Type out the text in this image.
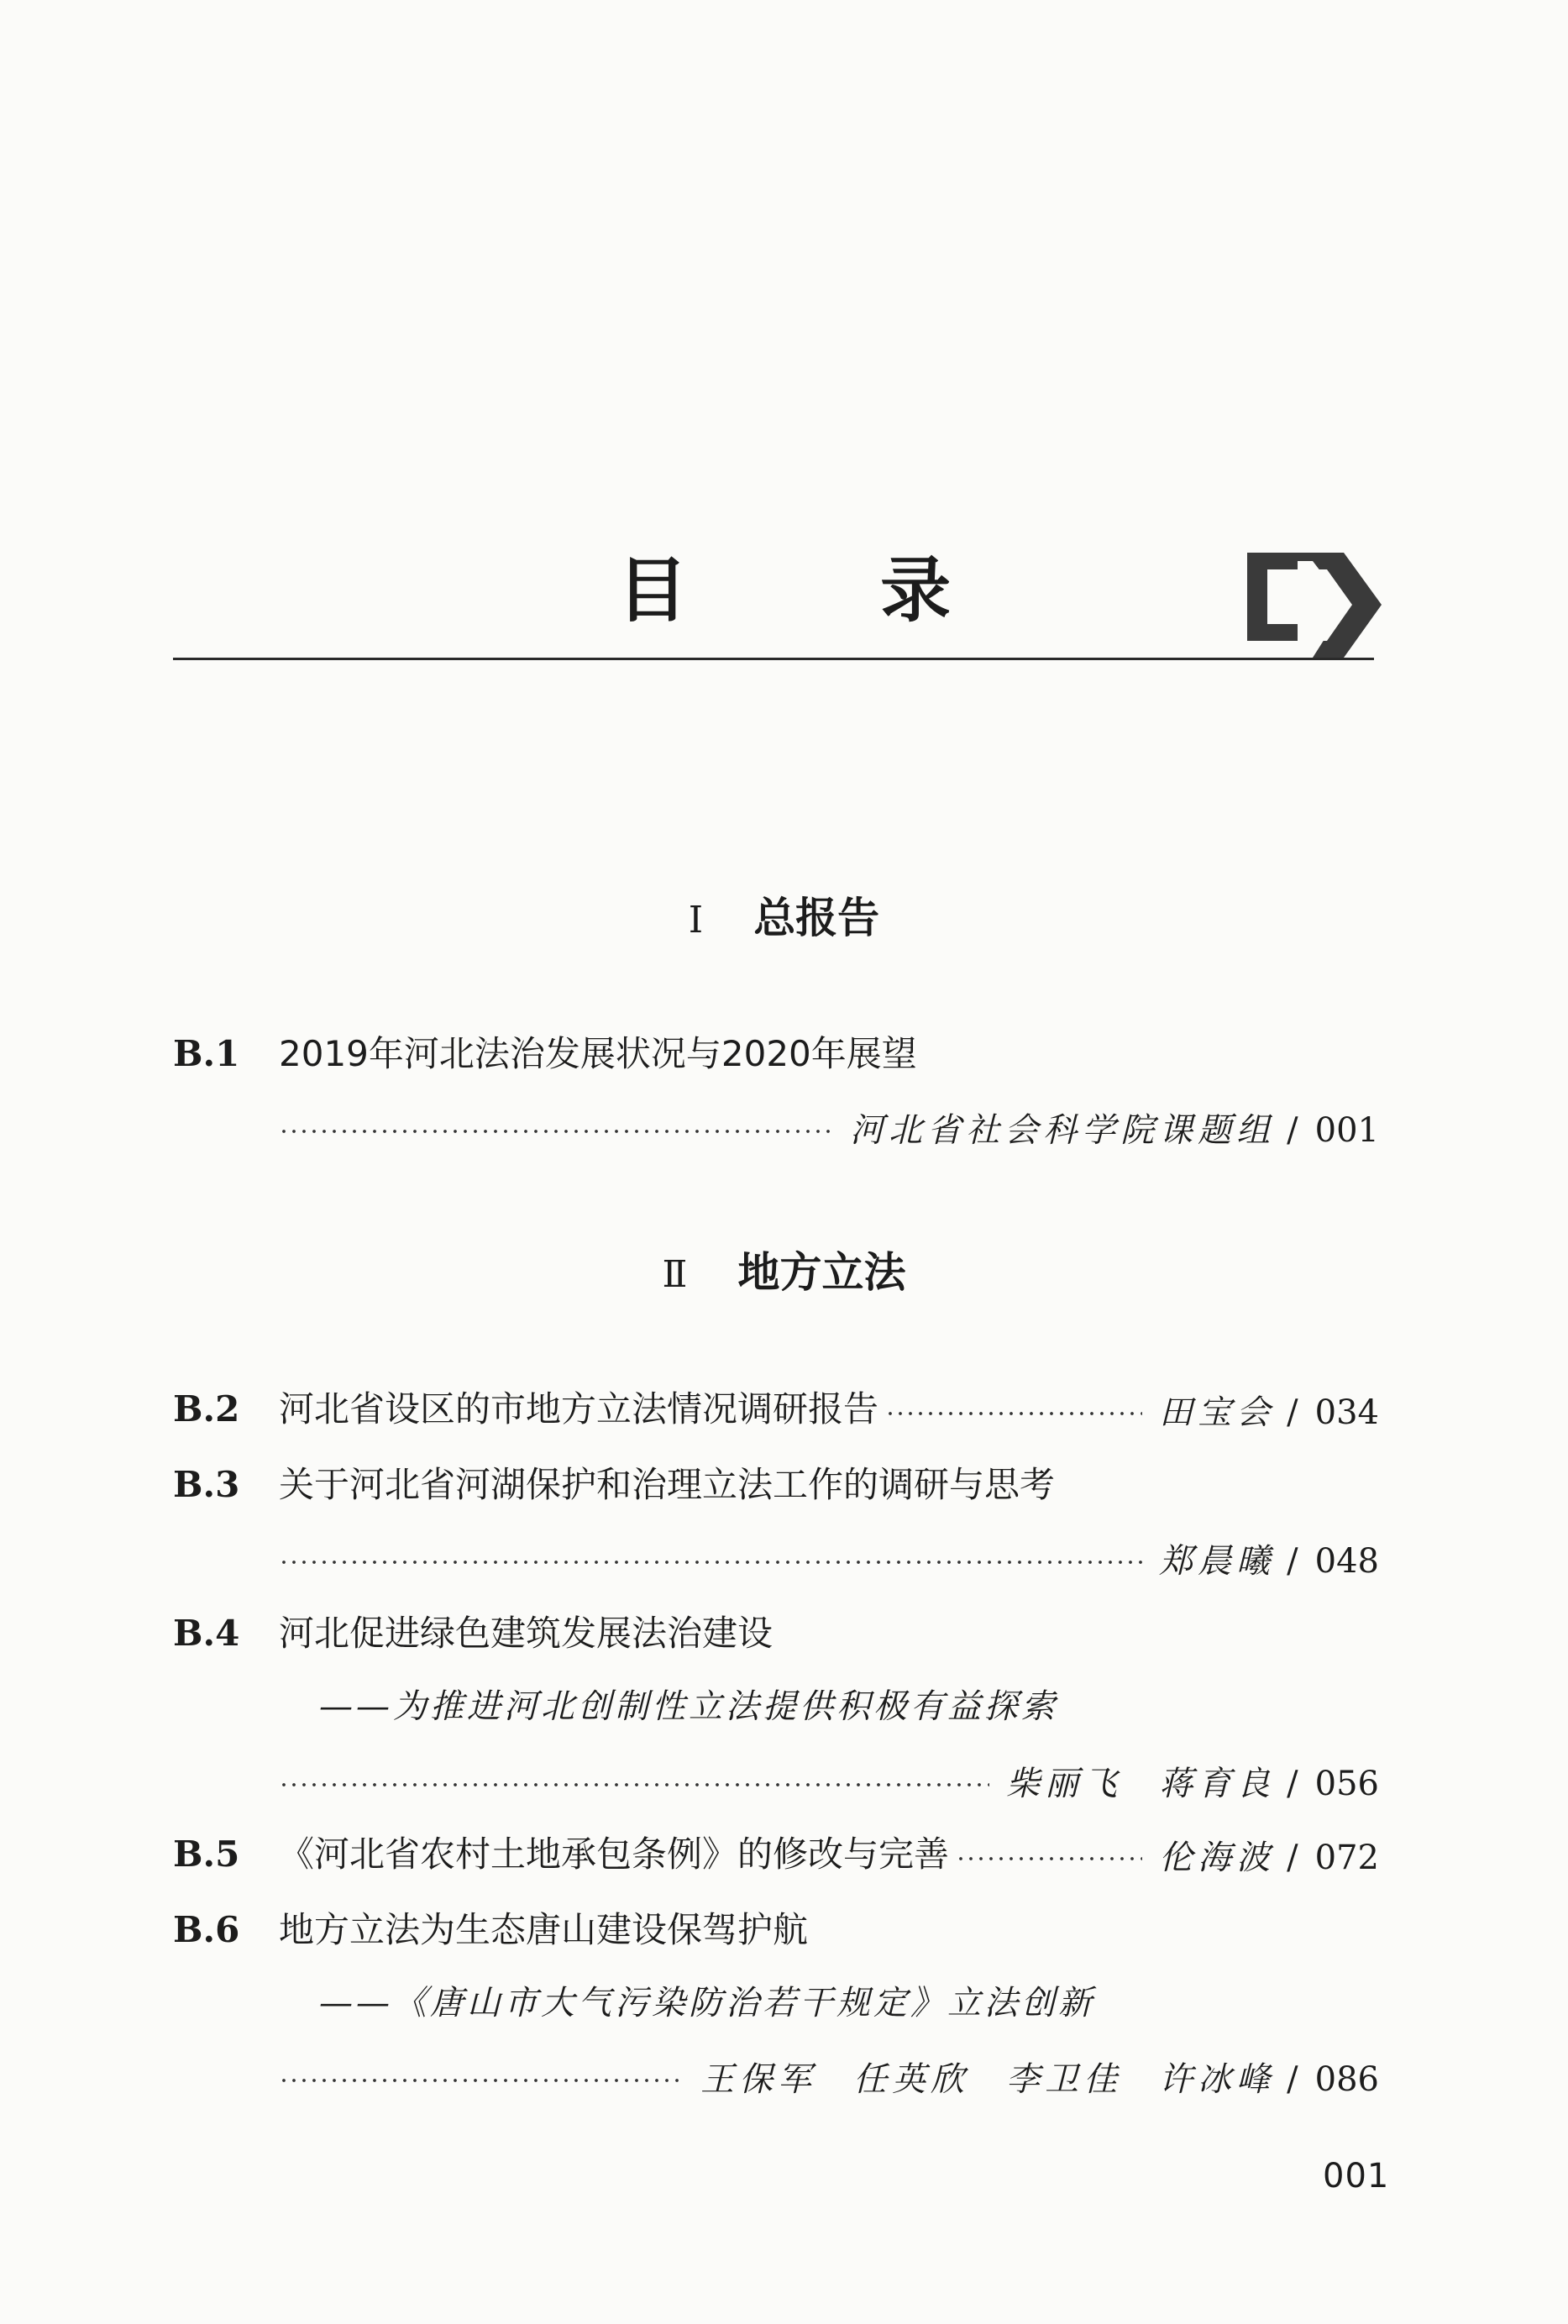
目 录
Ⅰ 总报告
B.1 2019年河北法治发展状况与2020年展望
河北省社会科学院课题组 / 001
Ⅱ 地方立法
B.2 河北省设区的市地方立法情况调研报告	田宝会 / 034
B.3 关于河北省河湖保护和治理立法工作的调研与思考
郑晨曦 / 048
B.4 河北促进绿色建筑发展法治建设
——为推进河北创制性立法提供积极有益探索
柴丽飞 蒋育良 / 056
B.5 《河北省农村土地承包条例》的修改与完善	伦海波 / 072
B.6 地方立法为生态唐山建设保驾护航
——《唐山市大气污染防治若干规定》立法创新
王保军 任英欣 李卫佳 许冰峰 / 086
001
